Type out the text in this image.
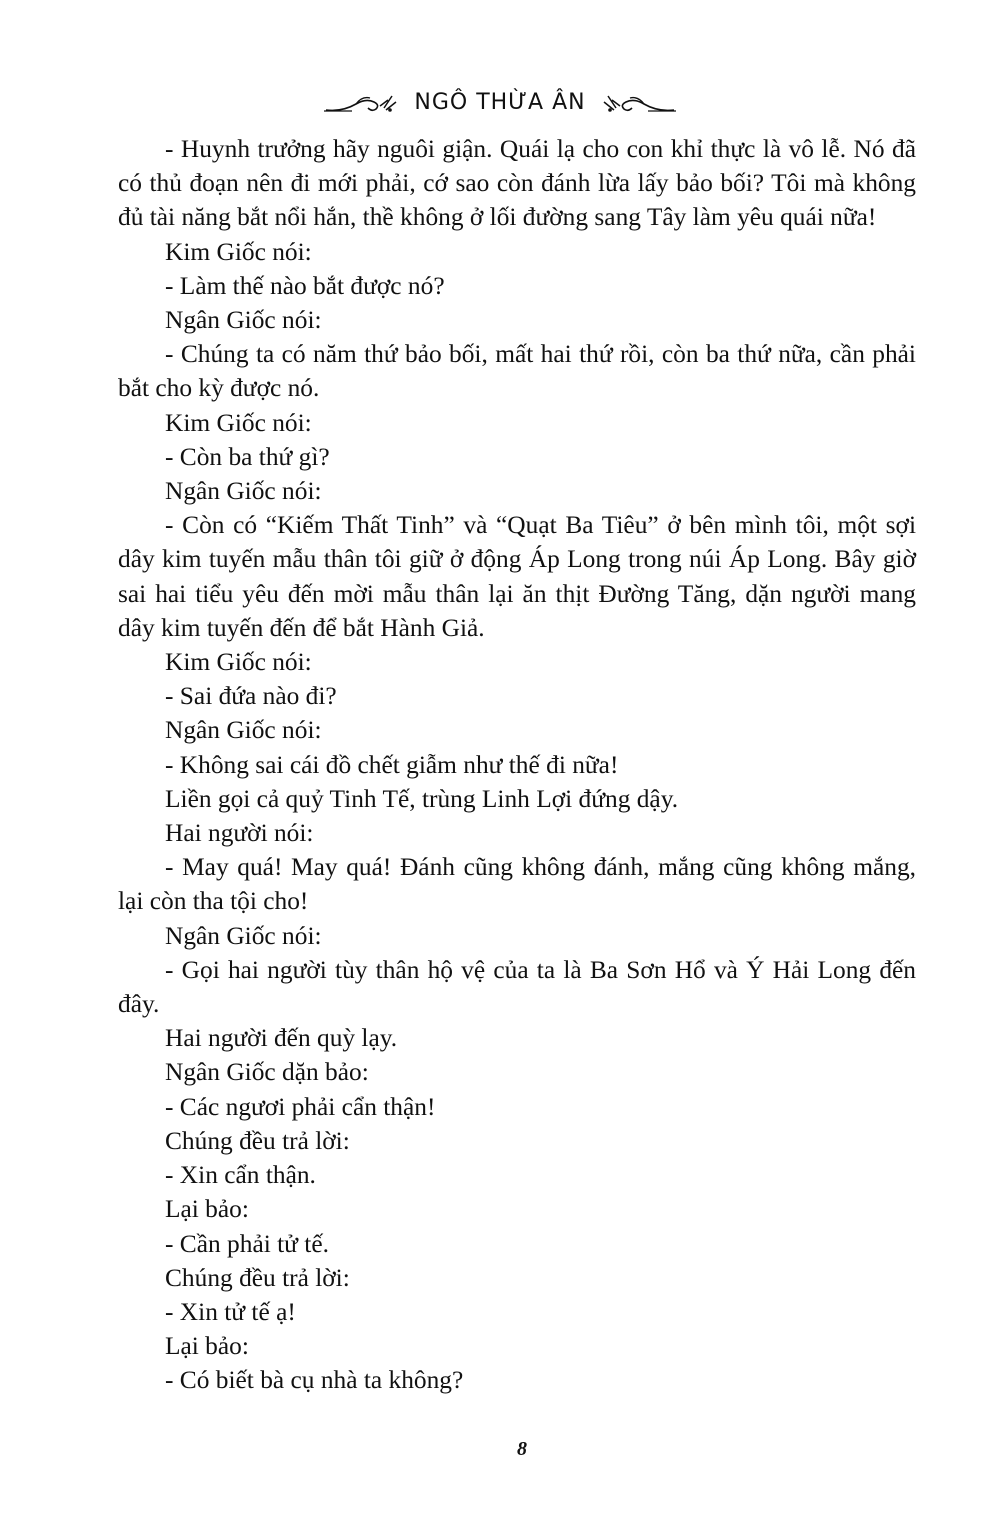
NGÔ THỪA ÂN

- Huynh trưởng hãy nguôi giận. Quái lạ cho con khỉ thực là vô lễ. Nó đã có thủ đoạn nên đi mới phải, cớ sao còn đánh lừa lấy bảo bối? Tôi mà không đủ tài năng bắt nổi hắn, thề không ở lối đường sang Tây làm yêu quái nữa!

Kim Giốc nói:

- Làm thế nào bắt được nó?

Ngân Giốc nói:

- Chúng ta có năm thứ bảo bối, mất hai thứ rồi, còn ba thứ nữa, cần phải bắt cho kỳ được nó.

Kim Giốc nói:

- Còn ba thứ gì?

Ngân Giốc nói:

- Còn có “Kiếm Thất Tinh” và “Quạt Ba Tiêu” ở bên mình tôi, một sợi dây kim tuyến mẫu thân tôi giữ ở động Áp Long trong núi Áp Long. Bây giờ sai hai tiểu yêu đến mời mẫu thân lại ăn thịt Đường Tăng, dặn người mang dây kim tuyến đến để bắt Hành Giả.

Kim Giốc nói:

- Sai đứa nào đi?

Ngân Giốc nói:

- Không sai cái đồ chết giẫm như thế đi nữa!

Liền gọi cả quỷ Tinh Tế, trùng Linh Lợi đứng dậy.

Hai người nói:

- May quá! May quá! Đánh cũng không đánh, mắng cũng không mắng, lại còn tha tội cho!

Ngân Giốc nói:

- Gọi hai người tùy thân hộ vệ của ta là Ba Sơn Hổ và Ý Hải Long đến đây.

Hai người đến quỳ lạy.

Ngân Giốc dặn bảo:

- Các ngươi phải cẩn thận!

Chúng đều trả lời:

- Xin cẩn thận.

Lại bảo:

- Cần phải tử tế.

Chúng đều trả lời:

- Xin tử tế ạ!

Lại bảo:

- Có biết bà cụ nhà ta không?

8
